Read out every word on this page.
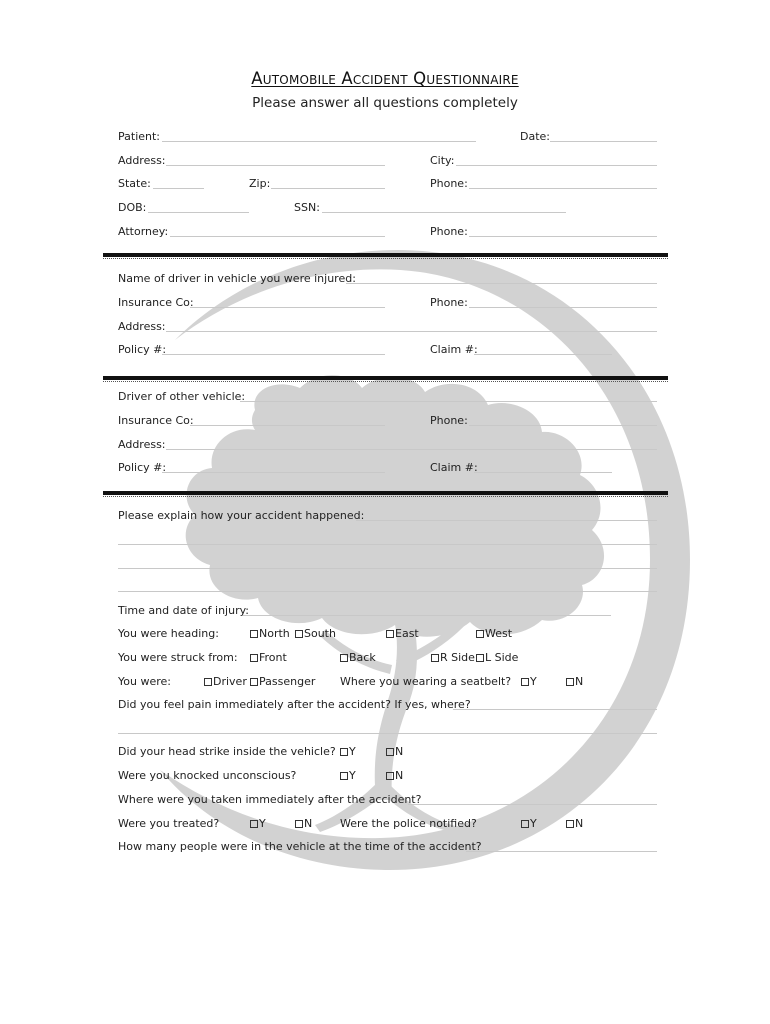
Automobile Accident Questionnaire
Please answer all questions completely
Patient:	Date:
Address:	City:
State:	Zip:	Phone:
DOB:	SSN:
Attorney:	Phone:
Name of driver in vehicle you were injured:
Insurance Co:	Phone:
Address:
Policy #:	Claim #:
Driver of other vehicle:
Insurance Co:	Phone:
Address:
Policy #:	Claim #:
Please explain how your accident happened:
Time and date of injury:
You were heading:	North	South	East	West
You were struck from:	Front	Back	R Side L Side
You were:	Driver	Passenger Where you wearing a seatbelt?	Y	N
Did you feel pain immediately after the accident? If yes, where?
Did your head strike inside the vehicle?	Y	N
Were you knocked unconscious?	Y	N
Where were you taken immediately after the accident?
Were you treated?	Y	N	Were the police notified?	Y	N
How many people were in the vehicle at the time of the accident?
